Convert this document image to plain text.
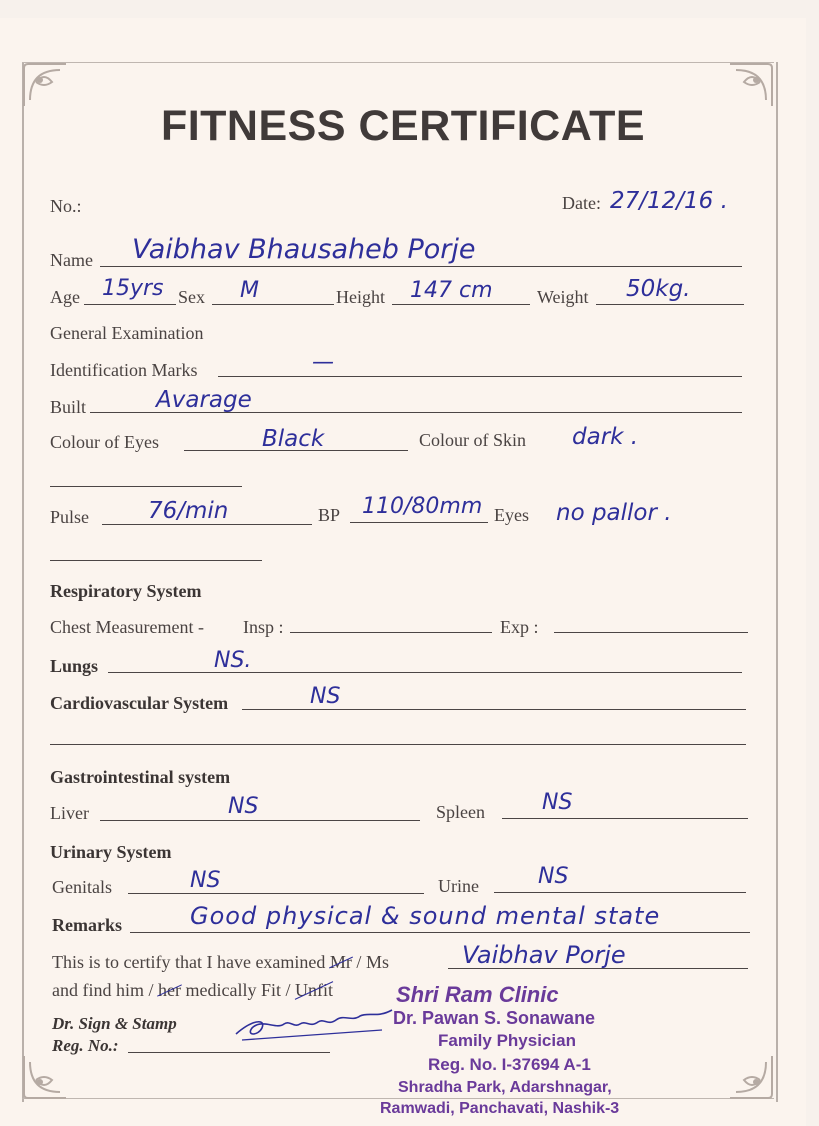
FITNESS CERTIFICATE
No.:	Date: 27/12/16 .
Name Vaibhav Bhausaheb Porje
Age 15yrs Sex M	Height 147 cm Weight 50kg.
General Examination
Identification Marks	—
Built	Avarage
Colour of Eyes	Black	Colour of Skin dark .
Pulse	76/min	BP 110/80mm Eyes no pallor .
Respiratory System
Chest Measurement - Insp :	Exp :
Lungs	NS.
Cardiovascular System	NS
Gastrointestinal system
Liver	NS	Spleen	NS
Urinary System
Genitals	NS	Urine	NS
Remarks	Good physical & sound mental state
This is to certify that I have examined Mr / Ms	Vaibhav Porje
and find him / her medically Fit / Unfit
Dr. Sign & Stamp
Reg. No.:
Shri Ram Clinic
Dr. Pawan S. Sonawane
Family Physician
Reg. No. I-37694 A-1
Shradha Park, Adarshnagar,
Ramwadi, Panchavati, Nashik-3
